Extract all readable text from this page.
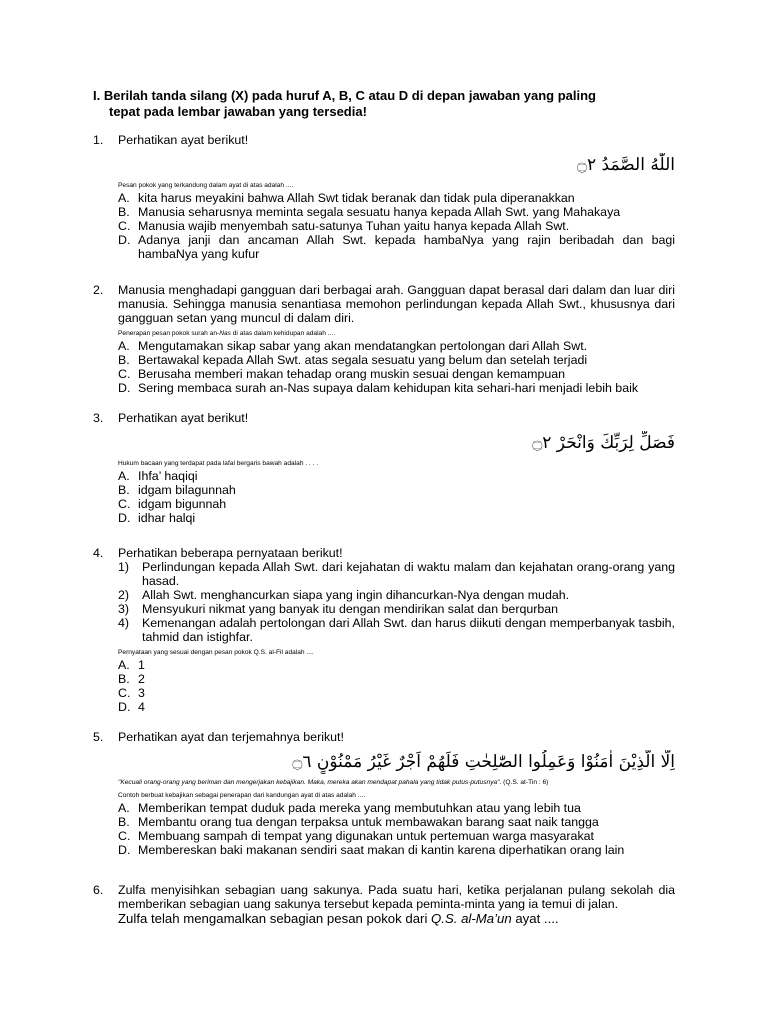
I. Berilah tanda silang (X) pada huruf A, B, C atau D di depan jawaban yang paling
tepat pada lembar jawaban yang tersedia!
1.	Perhatikan ayat berikut!
اللّٰهُ الصَّمَدُ ۝٢
Pesan pokok yang terkandung dalam ayat di atas adalah ....
A. kita harus meyakini bahwa Allah Swt tidak beranak dan tidak pula diperanakkan
B. Manusia seharusnya meminta segala sesuatu hanya kepada Allah Swt. yang Mahakaya
C. Manusia wajib menyembah satu-satunya Tuhan yaitu hanya kepada Allah Swt.
D. Adanya janji dan ancaman Allah Swt. kepada hambaNya yang rajin beribadah dan bagi hambaNya yang kufur
2.	Manusia menghadapi gangguan dari berbagai arah. Gangguan dapat berasal dari dalam dan luar diri manusia. Sehingga manusia senantiasa memohon perlindungan kepada Allah Swt., khususnya dari gangguan setan yang muncul di dalam diri.
Penerapan pesan pokok surah an-Nas di atas dalam kehidupan adalah ....
A. Mengutamakan sikap sabar yang akan mendatangkan pertolongan dari Allah Swt.
B. Bertawakal kepada Allah Swt. atas segala sesuatu yang belum dan setelah terjadi
C. Berusaha memberi makan tehadap orang muskin sesuai dengan kemampuan
D. Sering membaca surah an-Nas supaya dalam kehidupan kita sehari-hari menjadi lebih baik
3.	Perhatikan ayat berikut!
فَصَلِّ لِرَبِّكَ وَانْحَرْ ۝٢
Hukum bacaan yang terdapat pada lafal bergaris bawah adalah . . . .
A. Ihfa’ haqiqi
B. idgam bilagunnah
C. idgam bigunnah
D. idhar halqi
4.	Perhatikan beberapa pernyataan berikut!
1)	Perlindungan kepada Allah Swt. dari kejahatan di waktu malam dan kejahatan orang-orang yang hasad.
2)	Allah Swt. menghancurkan siapa yang ingin dihancurkan-Nya dengan mudah.
3)	Mensyukuri nikmat yang banyak itu dengan mendirikan salat dan berqurban
4)	Kemenangan adalah pertolongan dari Allah Swt. dan harus diikuti dengan memperbanyak tasbih, tahmid dan istighfar.
Pernyataan yang sesuai dengan pesan pokok Q.S. al-Fil adalah ....
A. 1
B. 2
C. 3
D. 4
5.	Perhatikan ayat dan terjemahnya berikut!
اِلَّا الَّذِيْنَ اٰمَنُوْا وَعَمِلُوا الصّٰلِحٰتِ فَلَهُمْ اَجْرٌ غَيْرُ مَمْنُوْنٍ ۝٦
"Kecuali orang-orang yang beriman dan mengerjakan kebajikan. Maka, mereka akan mendapat pahala yang tidak putus-putusnya". (Q.S. at-Tin : 6)
Contoh berbuat kebajikan sebagai penerapan dari kandungan ayat di atas adalah ....
A. Memberikan tempat duduk pada mereka yang membutuhkan atau yang lebih tua
B. Membantu orang tua dengan terpaksa untuk membawakan barang saat naik tangga
C. Membuang sampah di tempat yang digunakan untuk pertemuan warga masyarakat
D. Membereskan baki makanan sendiri saat makan di kantin karena diperhatikan orang lain
6.	Zulfa menyisihkan sebagian uang sakunya. Pada suatu hari, ketika perjalanan pulang sekolah dia memberikan sebagian uang sakunya tersebut kepada peminta-minta yang ia temui di jalan.
Zulfa telah mengamalkan sebagian pesan pokok dari Q.S. al-Ma’un ayat ....
